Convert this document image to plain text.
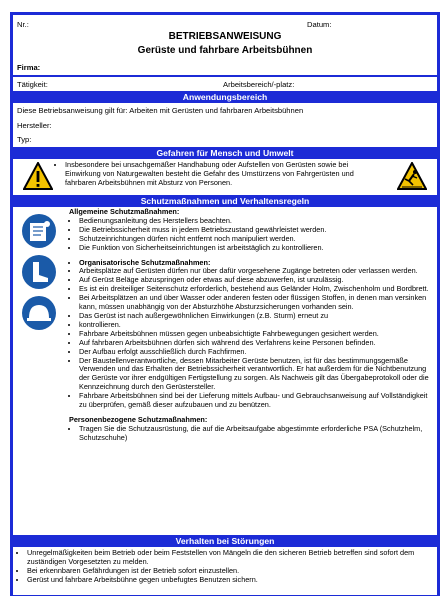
Nr.:	Datum:
BETRIEBSANWEISUNG
Gerüste und fahrbare Arbeitsbühnen
Firma:
Tätigkeit:	Arbeitsbereich/-platz:
Anwendungsbereich
Diese Betriebsanweisung gilt für: Arbeiten mit Gerüsten und fahrbaren Arbeitsbühnen
Hersteller:
Typ:
Gefahren für Mensch und Umwelt
• Insbesondere bei unsachgemäßer Handhabung oder Aufstellen von Gerüsten sowie bei Einwirkung von Naturgewalten besteht die Gefahr des Umstürzens von Fahrgerüsten und fahrbaren Arbeitsbühnen mit Absturz von Personen.
Schutzmaßnahmen und Verhaltensregeln
Allgemeine Schutzmaßnahmen:
• Bedienungsanleitung des Herstellers beachten.
• Die Betriebssicherheit muss in jedem Betriebszustand gewährleistet werden.
• Schutzeinrichtungen dürfen nicht entfernt noch manipuliert werden.
• Die Funktion von Sicherheitseinrichtungen ist arbeitstäglich zu kontrollieren.
• Organisatorische Schutzmaßnahmen:
• Arbeitsplätze auf Gerüsten dürfen nur über dafür vorgesehene Zugänge betreten oder verlassen werden.
• Auf Gerüst Beläge abzuspringen oder etwas auf diese abzuwerfen, ist unzulässig.
• Es ist ein dreiteiliger Seitenschutz erforderlich, bestehend aus Geländer Holm, Zwischenholm und Bordbrett.
• Bei Arbeitsplätzen an und über Wasser oder anderen festen oder flüssigen Stoffen, in denen man versinken kann, müssen unabhängig von der Absturzhöhe Absturzsicherungen vorhanden sein.
• Das Gerüst ist nach außergewöhnlichen Einwirkungen (z.B. Sturm) erneut zu
• kontrollieren.
• Fahrbare Arbeitsbühnen müssen gegen unbeabsichtigte Fahrbewegungen gesichert werden.
• Auf fahrbaren Arbeitsbühnen dürfen sich während des Verfahrens keine Personen befinden.
• Der Aufbau erfolgt ausschließlich durch Fachfirmen.
• Der Baustellenverantwortliche, dessen Mitarbeiter Gerüste benutzen, ist für das bestimmungsgemäße Verwenden und das Erhalten der Betriebssicherheit verantwortlich. Er hat außerdem für die Nichtbenutzung der Gerüste vor ihrer endgültigen Fertigstellung zu sorgen. Als Nachweis gilt das Übergabeprotokoll oder die Kennzeichnung durch den Gerüstersteller.
• Fahrbare Arbeitsbühnen sind bei der Lieferung mittels Aufbau- und Gebrauchsanweisung auf Vollständigkeit zu überprüfen, gemäß dieser aufzubauen und zu benützen.
Personenbezogene Schutzmaßnahmen:
• Tragen Sie die Schutzausrüstung, die auf die Arbeitsaufgabe abgestimmte erforderliche PSA (Schutzhelm, Schutzschuhe)
Verhalten bei Störungen
• Unregelmäßigkeiten beim Betrieb oder beim Feststellen von Mängeln die den sicheren Betrieb betreffen sind sofort dem zuständigen Vorgesetzten zu melden.
• Bei erkennbaren Gefährdungen ist der Betrieb sofort einzustellen.
• Gerüst und fahrbare Arbeitsbühne gegen unbefugtes Benutzen sichern.
